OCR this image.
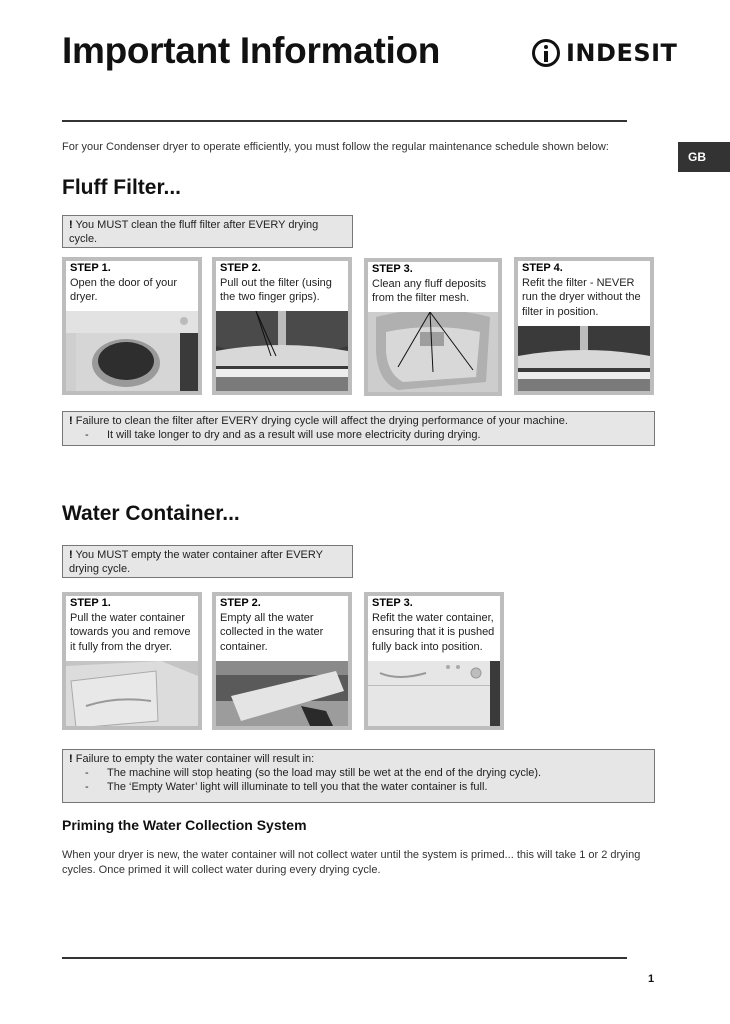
Important Information	INDESIT
For your Condenser dryer to operate efficiently, you must follow the regular maintenance schedule shown below:
GB
Fluff Filter...
! You MUST clean the fluff filter after EVERY drying cycle.
STEP 1.
Open the door of your dryer.
STEP 2.
Pull out the filter (using the two finger grips).
STEP 3.
Clean any fluff deposits from the filter mesh.
STEP 4.
Refit the filter - NEVER run the dryer without the filter in position.
! Failure to clean the filter after EVERY drying cycle will affect the drying performance of your machine.
- It will take longer to dry and as a result will use more electricity during drying.
Water Container...
! You MUST empty the water container after EVERY drying cycle.
STEP 1.
Pull the water container towards you and remove it fully from the dryer.
STEP 2.
Empty all the water collected in the water container.
STEP 3.
Refit the water container, ensuring that it is pushed fully back into position.
! Failure to empty the water container will result in:
- The machine will stop heating (so the load may still be wet at the end of the drying cycle).
- The ‘Empty Water’ light will illuminate to tell you that the water container is full.
Priming the Water Collection System
When your dryer is new, the water container will not collect water until the system is primed... this will take 1 or 2 drying cycles. Once primed it will collect water during every drying cycle.
1
